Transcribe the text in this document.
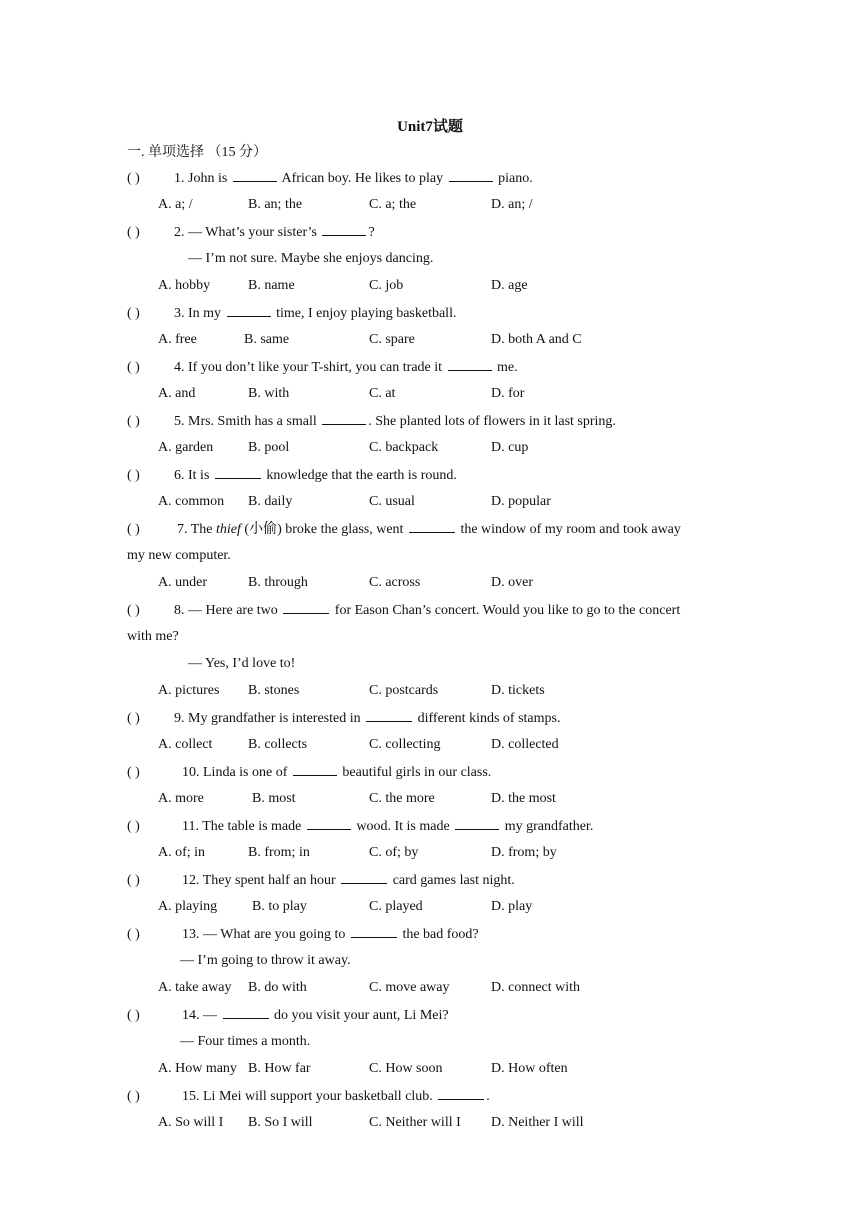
Unit7试题
一. 单项选择 （15 分）
( ) 1. John is	African boy. He likes to play	piano.
A. a; /	B. an; the	C. a; the	D. an; /
( ) 2. — What’s your sister’s	?
— I’m not sure. Maybe she enjoys dancing.
A. hobby	B. name	C. job	D. age
( ) 3. In my	time, I enjoy playing basketball.
A. free	B. same	C. spare	D. both A and C
( ) 4. If you don’t like your T-shirt, you can trade it	me.
A. and	B. with	C. at	D. for
( ) 5. Mrs. Smith has a small	. She planted lots of flowers in it last spring.
A. garden B. pool	C. backpack	D. cup
( ) 6. It is	knowledge that the earth is round.
A. common B. daily	C. usual	D. popular
( )	7. The thief (小偷) broke the glass, went	the window of my room and took away
my new computer.
A. under	B. through	C. across	D. over
( ) 8. — Here are two	for Eason Chan’s concert. Would you like to go to the concert
with me?
— Yes, I’d love to!
A. pictures B. stones	C. postcards	D. tickets
( ) 9. My grandfather is interested in	different kinds of stamps.
A. collect	B. collects	C. collecting	D. collected
( )	10. Linda is one of	beautiful girls in our class.
A. more	B. most	C. the more	D. the most
( )	11. The table is made	wood. It is made	my grandfather.
A. of; in	B. from; in	C. of; by	D. from; by
( )	12. They spent half an hour	card games last night.
A. playing B. to play	C. played	D. play
( )	13. — What are you going to	the bad food?
— I’m going to throw it away.
A. take away B. do with	C. move away	D. connect with
( )	14. —	do you visit your aunt, Li Mei?
— Four times a month.
A. How many B. How far	C. How soon	D. How often
( )	15. Li Mei will support your basketball club.	.
A. So will I B. So I will	C. Neither will I D. Neither I will
